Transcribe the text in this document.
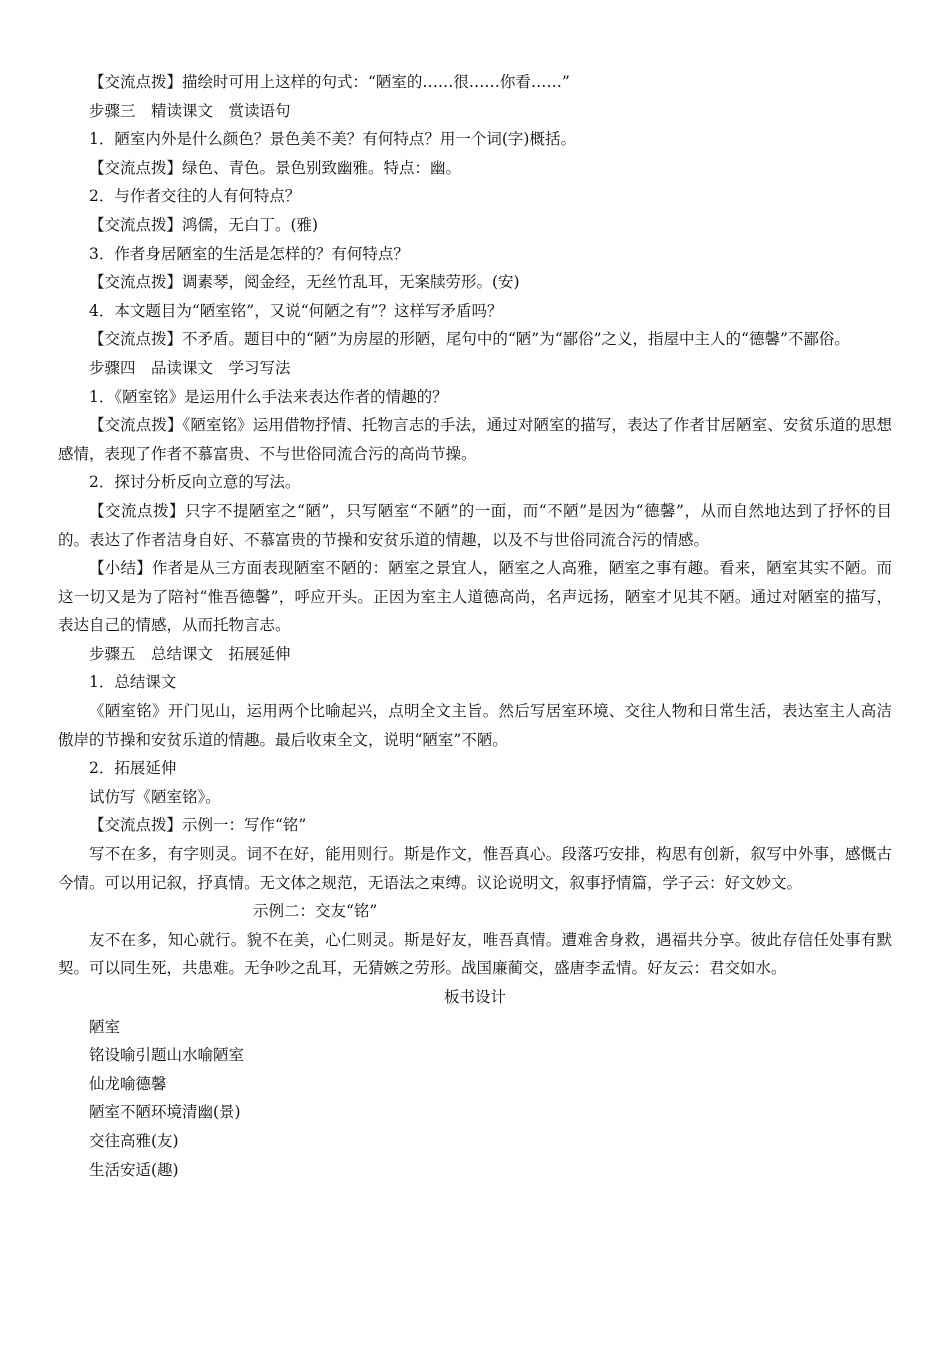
【交流点拨】描绘时可用上这样的句式：“陋室的……很……你看……”

步骤三　精读课文　赏读语句

1．陋室内外是什么颜色？景色美不美？有何特点？用一个词(字)概括。

【交流点拨】绿色、青色。景色别致幽雅。特点：幽。

2．与作者交往的人有何特点？

【交流点拨】鸿儒，无白丁。(雅)

3．作者身居陋室的生活是怎样的？有何特点？

【交流点拨】调素琴，阅金经，无丝竹乱耳，无案牍劳形。(安)

4．本文题目为“陋室铭”，又说“何陋之有”？这样写矛盾吗？

【交流点拨】不矛盾。题目中的“陋”为房屋的形陋，尾句中的“陋”为“鄙俗”之义，指屋中主人的“德馨”不鄙俗。

步骤四　品读课文　学习写法

1．《陋室铭》是运用什么手法来表达作者的情趣的？

【交流点拨】《陋室铭》运用借物抒情、托物言志的手法，通过对陋室的描写，表达了作者甘居陋室、安贫乐道的思想感情，表现了作者不慕富贵、不与世俗同流合污的高尚节操。

2．探讨分析反向立意的写法。

【交流点拨】只字不提陋室之“陋”，只写陋室“不陋”的一面，而“不陋”是因为“德馨”，从而自然地达到了抒怀的目的。表达了作者洁身自好、不慕富贵的节操和安贫乐道的情趣，以及不与世俗同流合污的情感。

【小结】作者是从三方面表现陋室不陋的：陋室之景宜人，陋室之人高雅，陋室之事有趣。看来，陋室其实不陋。而这一切又是为了陪衬“惟吾德馨”，呼应开头。正因为室主人道德高尚，名声远扬，陋室才见其不陋。通过对陋室的描写，表达自己的情感，从而托物言志。

步骤五　总结课文　拓展延伸

1．总结课文

《陋室铭》开门见山，运用两个比喻起兴，点明全文主旨。然后写居室环境、交往人物和日常生活，表达室主人高洁傲岸的节操和安贫乐道的情趣。最后收束全文，说明“陋室”不陋。

2．拓展延伸

试仿写《陋室铭》。

【交流点拨】示例一：写作“铭”

写不在多，有字则灵。词不在好，能用则行。斯是作文，惟吾真心。段落巧安排，构思有创新，叙写中外事，感慨古今情。可以用记叙，抒真情。无文体之规范，无语法之束缚。议论说明文，叙事抒情篇，学子云：好文妙文。

示例二：交友“铭”

友不在多，知心就行。貌不在美，心仁则灵。斯是好友，唯吾真情。遭难舍身救，遇福共分享。彼此存信任处事有默契。可以同生死，共患难。无争吵之乱耳，无猜嫉之劳形。战国廉蔺交，盛唐李孟情。好友云：君交如水。

板书设计

陋室

铭设喻引题山水喻陋室

仙龙喻德馨

陋室不陋环境清幽(景)

交往高雅(友)

生活安适(趣)
